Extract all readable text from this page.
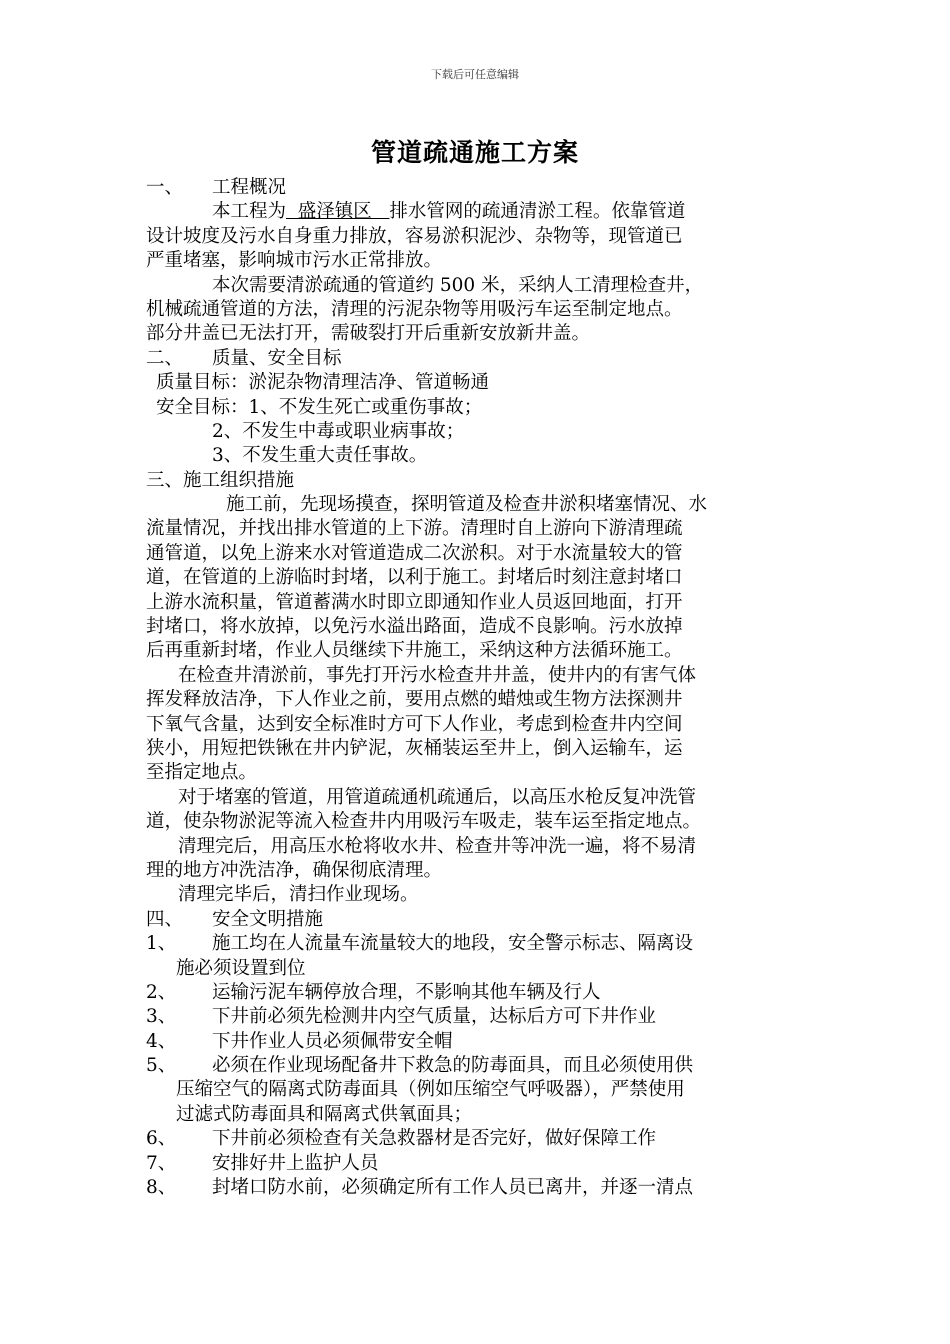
下载后可任意编辑
管道疏通施工方案
一、 工程概况
本工程为  盛泽镇区   排水管网的疏通清淤工程。依靠管道
设计坡度及污水自身重力排放，容易淤积泥沙、杂物等，现管道已
严重堵塞，影响城市污水正常排放。
本次需要清淤疏通的管道约 500 米，采纳人工清理检查井，
机械疏通管道的方法，清理的污泥杂物等用吸污车运至制定地点。
部分井盖已无法打开，需破裂打开后重新安放新井盖。
二、 质量、安全目标
质量目标：淤泥杂物清理洁净、管道畅通
安全目标：1、不发生死亡或重伤事故；
2、不发生中毒或职业病事故；
3、不发生重大责任事故。
三、施工组织措施
施工前，先现场摸查，探明管道及检查井淤积堵塞情况、水
流量情况，并找出排水管道的上下游。清理时自上游向下游清理疏
通管道，以免上游来水对管道造成二次淤积。对于水流量较大的管
道，在管道的上游临时封堵，以利于施工。封堵后时刻注意封堵口
上游水流积量，管道蓄满水时即立即通知作业人员返回地面，打开
封堵口，将水放掉，以免污水溢出路面，造成不良影响。污水放掉
后再重新封堵，作业人员继续下井施工，采纳这种方法循环施工。
在检查井清淤前，事先打开污水检查井井盖，使井内的有害气体
挥发释放洁净，下人作业之前，要用点燃的蜡烛或生物方法探测井
下氧气含量，达到安全标准时方可下人作业，考虑到检查井内空间
狭小，用短把铁锹在井内铲泥，灰桶装运至井上，倒入运输车，运
至指定地点。
对于堵塞的管道，用管道疏通机疏通后，以高压水枪反复冲洗管
道，使杂物淤泥等流入检查井内用吸污车吸走，装车运至指定地点。
清理完后，用高压水枪将收水井、检查井等冲洗一遍，将不易清
理的地方冲洗洁净，确保彻底清理。
清理完毕后，清扫作业现场。
四、 安全文明措施
1、 施工均在人流量车流量较大的地段，安全警示标志、隔离设
施必须设置到位
2、 运输污泥车辆停放合理，不影响其他车辆及行人
3、 下井前必须先检测井内空气质量，达标后方可下井作业
4、 下井作业人员必须佩带安全帽
5、 必须在作业现场配备井下救急的防毒面具，而且必须使用供
压缩空气的隔离式防毒面具（例如压缩空气呼吸器），严禁使用
过滤式防毒面具和隔离式供氧面具；
6、 下井前必须检查有关急救器材是否完好，做好保障工作
7、 安排好井上监护人员
8、 封堵口防水前，必须确定所有工作人员已离井，并逐一清点
